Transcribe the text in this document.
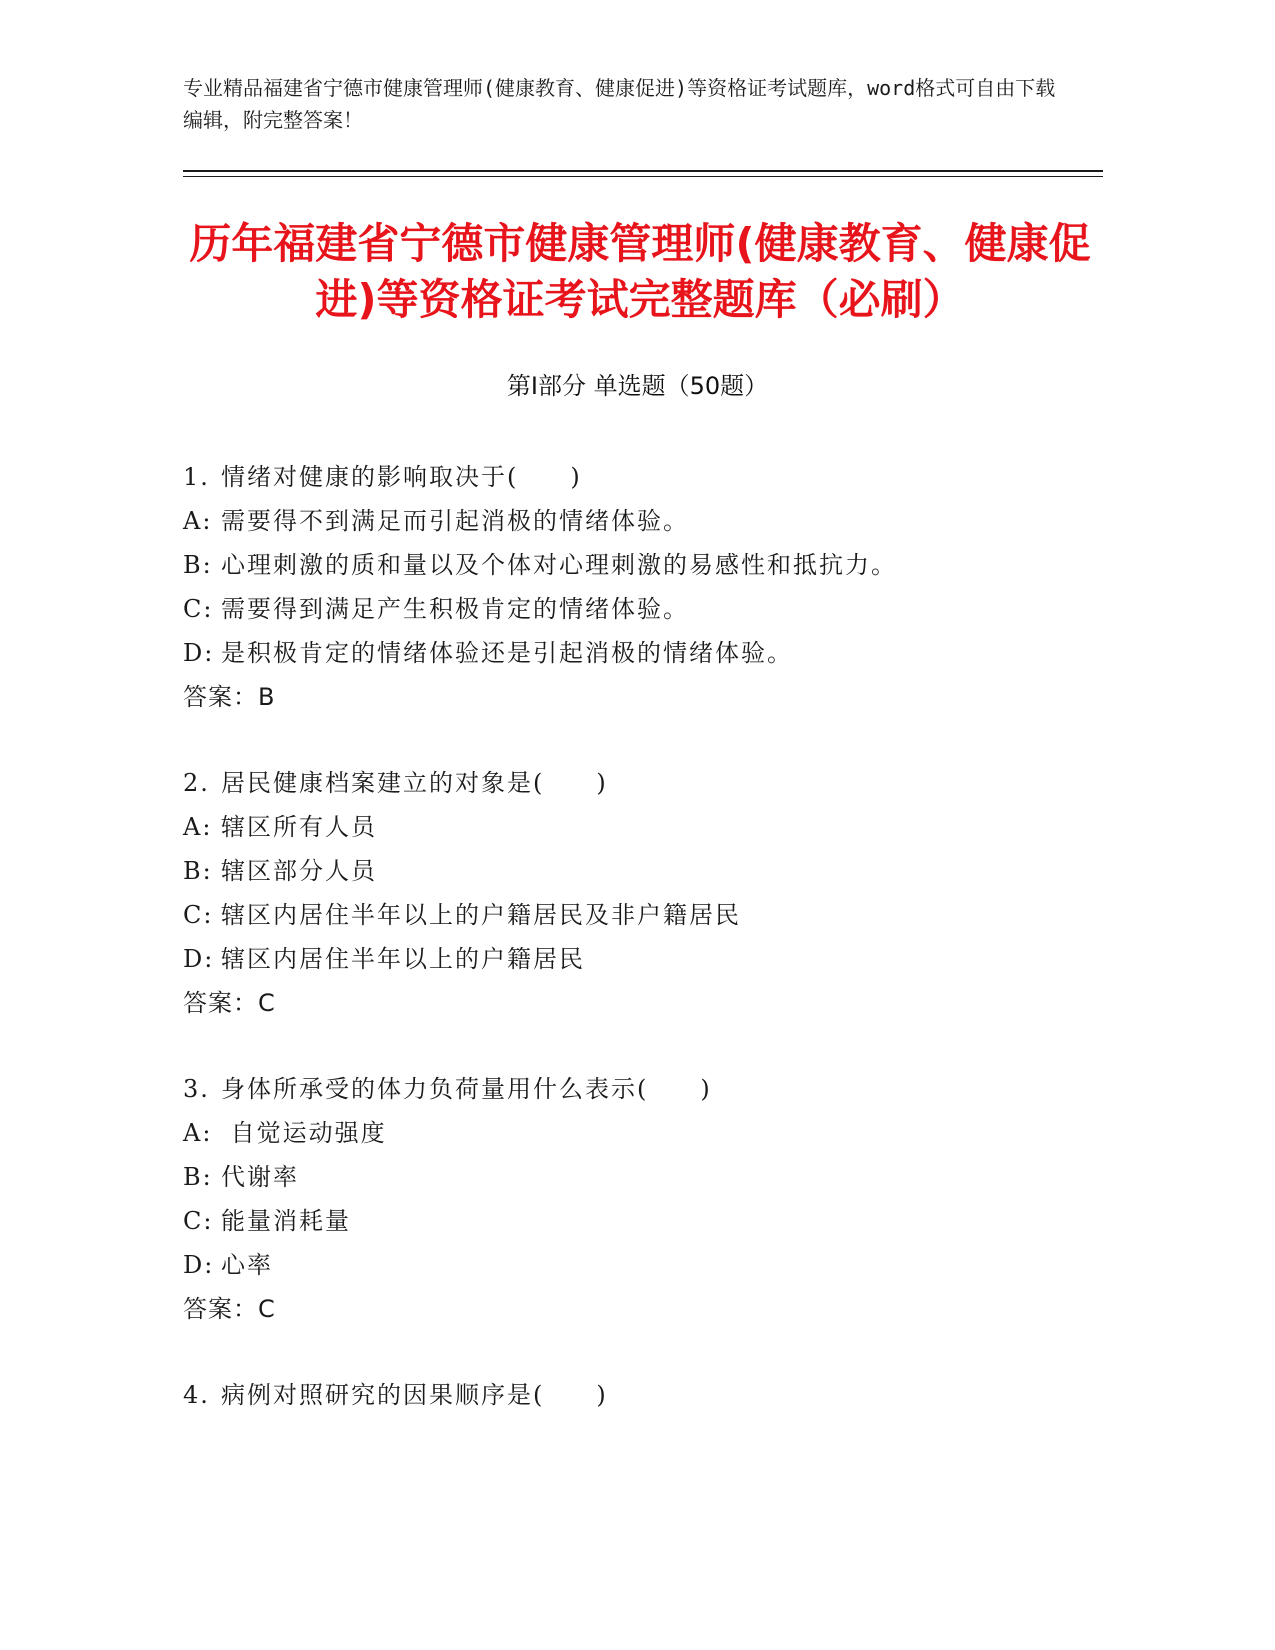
专业精品福建省宁德市健康管理师(健康教育、健康促进)等资格证考试题库，word格式可自由下载编辑，附完整答案！
历年福建省宁德市健康管理师(健康教育、健康促进)等资格证考试完整题库（必刷）
第Ⅰ部分 单选题（50题）
1. 情绪对健康的影响取决于(　　)
A: 需要得不到满足而引起消极的情绪体验。
B: 心理刺激的质和量以及个体对心理刺激的易感性和抵抗力。
C: 需要得到满足产生积极肯定的情绪体验。
D: 是积极肯定的情绪体验还是引起消极的情绪体验。
答案：B
2. 居民健康档案建立的对象是(　　)
A: 辖区所有人员
B: 辖区部分人员
C: 辖区内居住半年以上的户籍居民及非户籍居民
D: 辖区内居住半年以上的户籍居民
答案：C
3. 身体所承受的体力负荷量用什么表示(　　)
A: 自觉运动强度
B: 代谢率
C: 能量消耗量
D: 心率
答案：C
4. 病例对照研究的因果顺序是(　　)
